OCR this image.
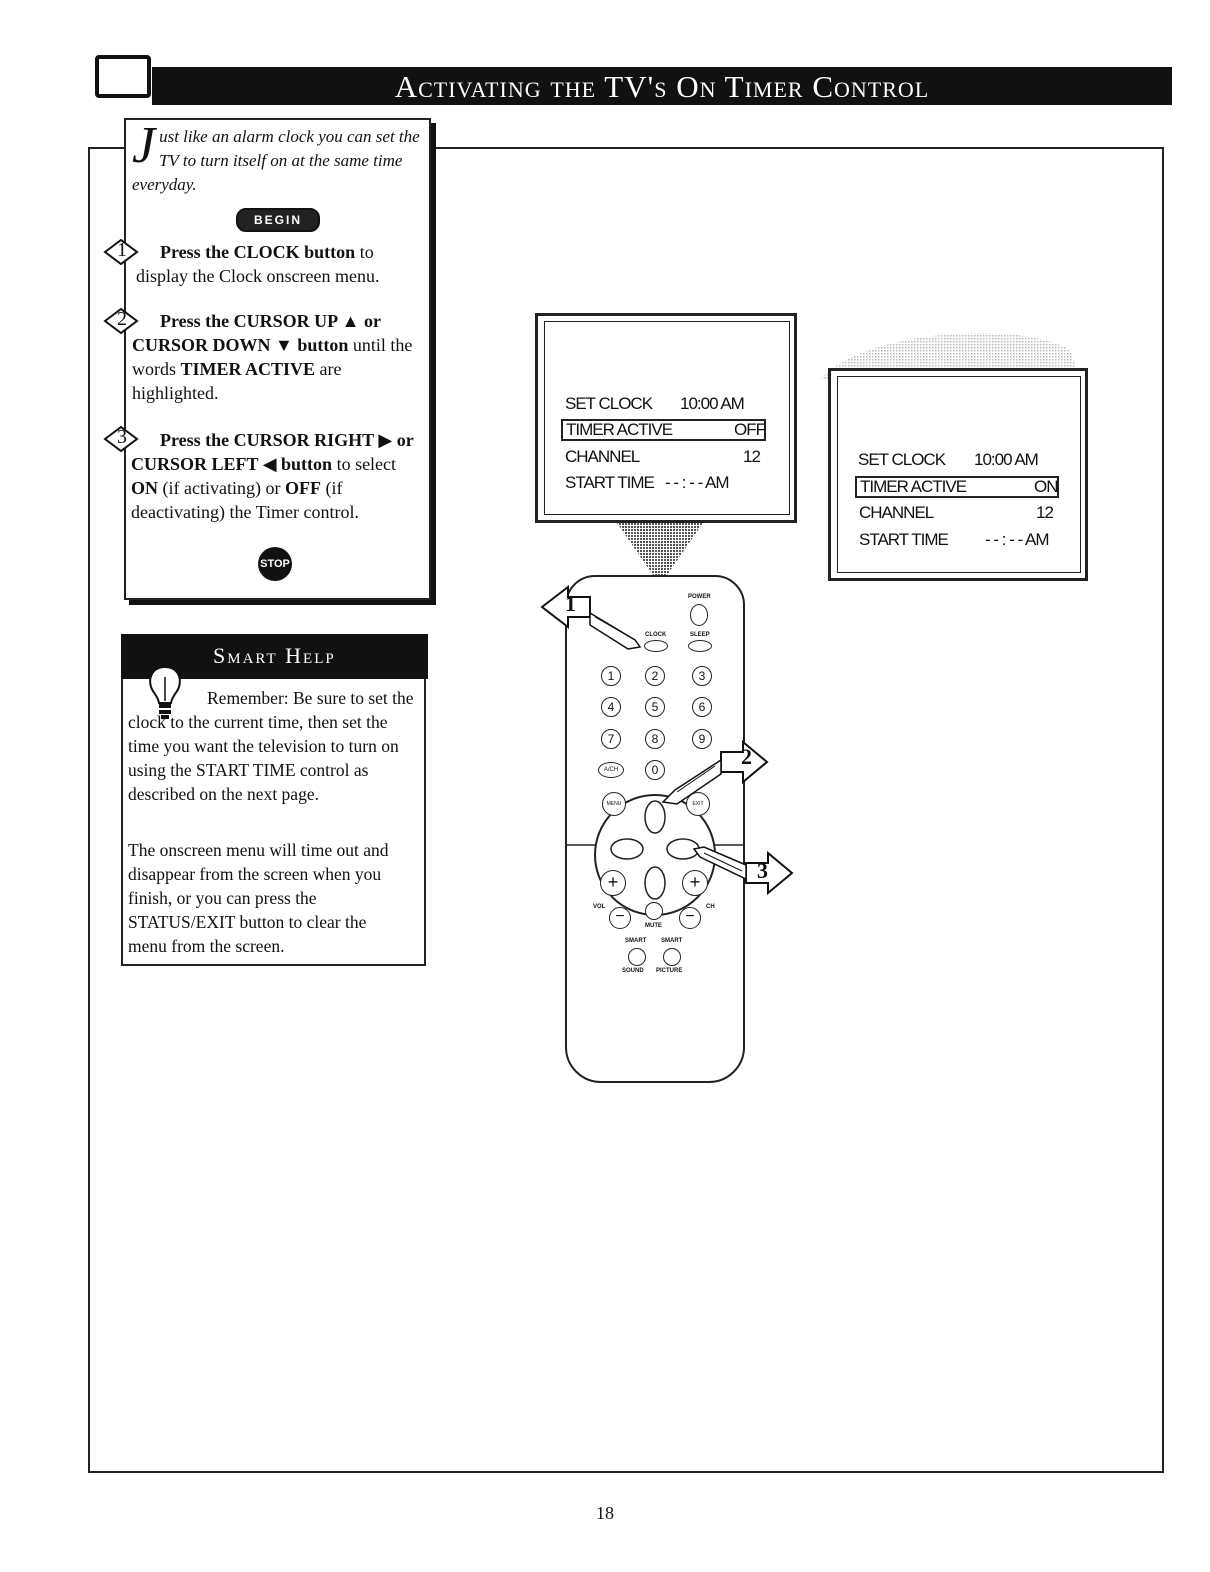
Activating the TV's On Timer Control
Just like an alarm clock you can set the TV to turn itself on at the same time everyday.
BEGIN
1	Press the CLOCK button to display the Clock onscreen menu.
2	Press the CURSOR UP ▲ or CURSOR DOWN ▼ button until the words TIMER ACTIVE are highlighted.
3	Press the CURSOR RIGHT ▶ or CURSOR LEFT ◀ button to select ON (if activating) or OFF (if deactivating) the Timer control.
STOP
Smart Help
Remember: Be sure to set the clock to the current time, then set the time you want the television to turn on using the START TIME control as described on the next page.
The onscreen menu will time out and disappear from the screen when you finish, or you can press the STATUS/EXIT button to clear the menu from the screen.
SET CLOCK 10:00 AM
TIMER ACTIVE	OFF
CHANNEL	12
START TIME - - : - - AM
SET CLOCK 10:00 AM
TIMER ACTIVE	ON
CHANNEL	12
START TIME - - : - - AM
POWER
CLOCK	SLEEP
1	2	3
4	5	6
7	8	9
A/CH	0
MENU	EXIT
+	+
VOL	CH
−	−
MUTE
SMART SMART
SOUND PICTURE
1
2
3
18
